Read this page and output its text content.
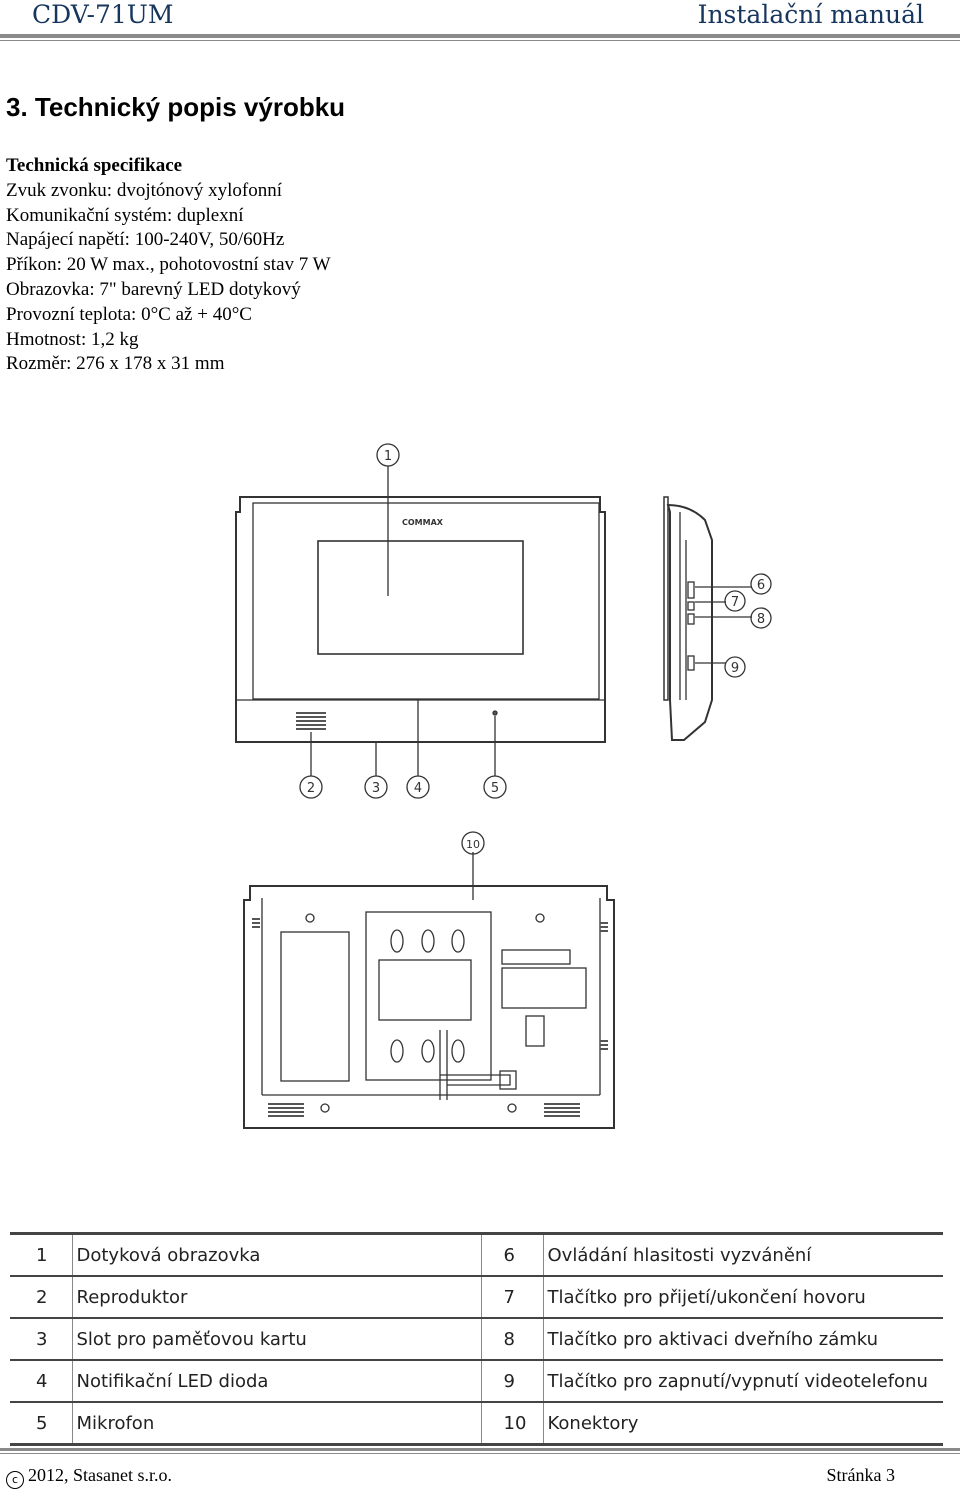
CDV-71UM	Instalační manuál
3. Technický popis výrobku
Technická specifikace
Zvuk zvonku: dvojtónový xylofonní
Komunikační systém: duplexní
Napájecí napětí: 100-240V, 50/60Hz
Příkon: 20 W max., pohotovostní stav 7 W
Obrazovka: 7" barevný LED dotykový
Provozní teplota: 0°C až + 40°C
Hmotnost: 1,2 kg
Rozměr: 276 x 178 x 31 mm
COMMAX
1
2	3	4	5
6
7
8
9
10
1	Dotyková obrazovka	6	Ovládání hlasitosti vyzvánění
2	Reproduktor	7	Tlačítko pro přijetí/ukončení hovoru
3	Slot pro paměťovou kartu	8	Tlačítko pro aktivaci dveřního zámku
4	Notifikační LED dioda	9	Tlačítko pro zapnutí/vypnutí videotelefonu
5	Mikrofon	10	Konektory
c 2012, Stasanet s.r.o.	Stránka 3
